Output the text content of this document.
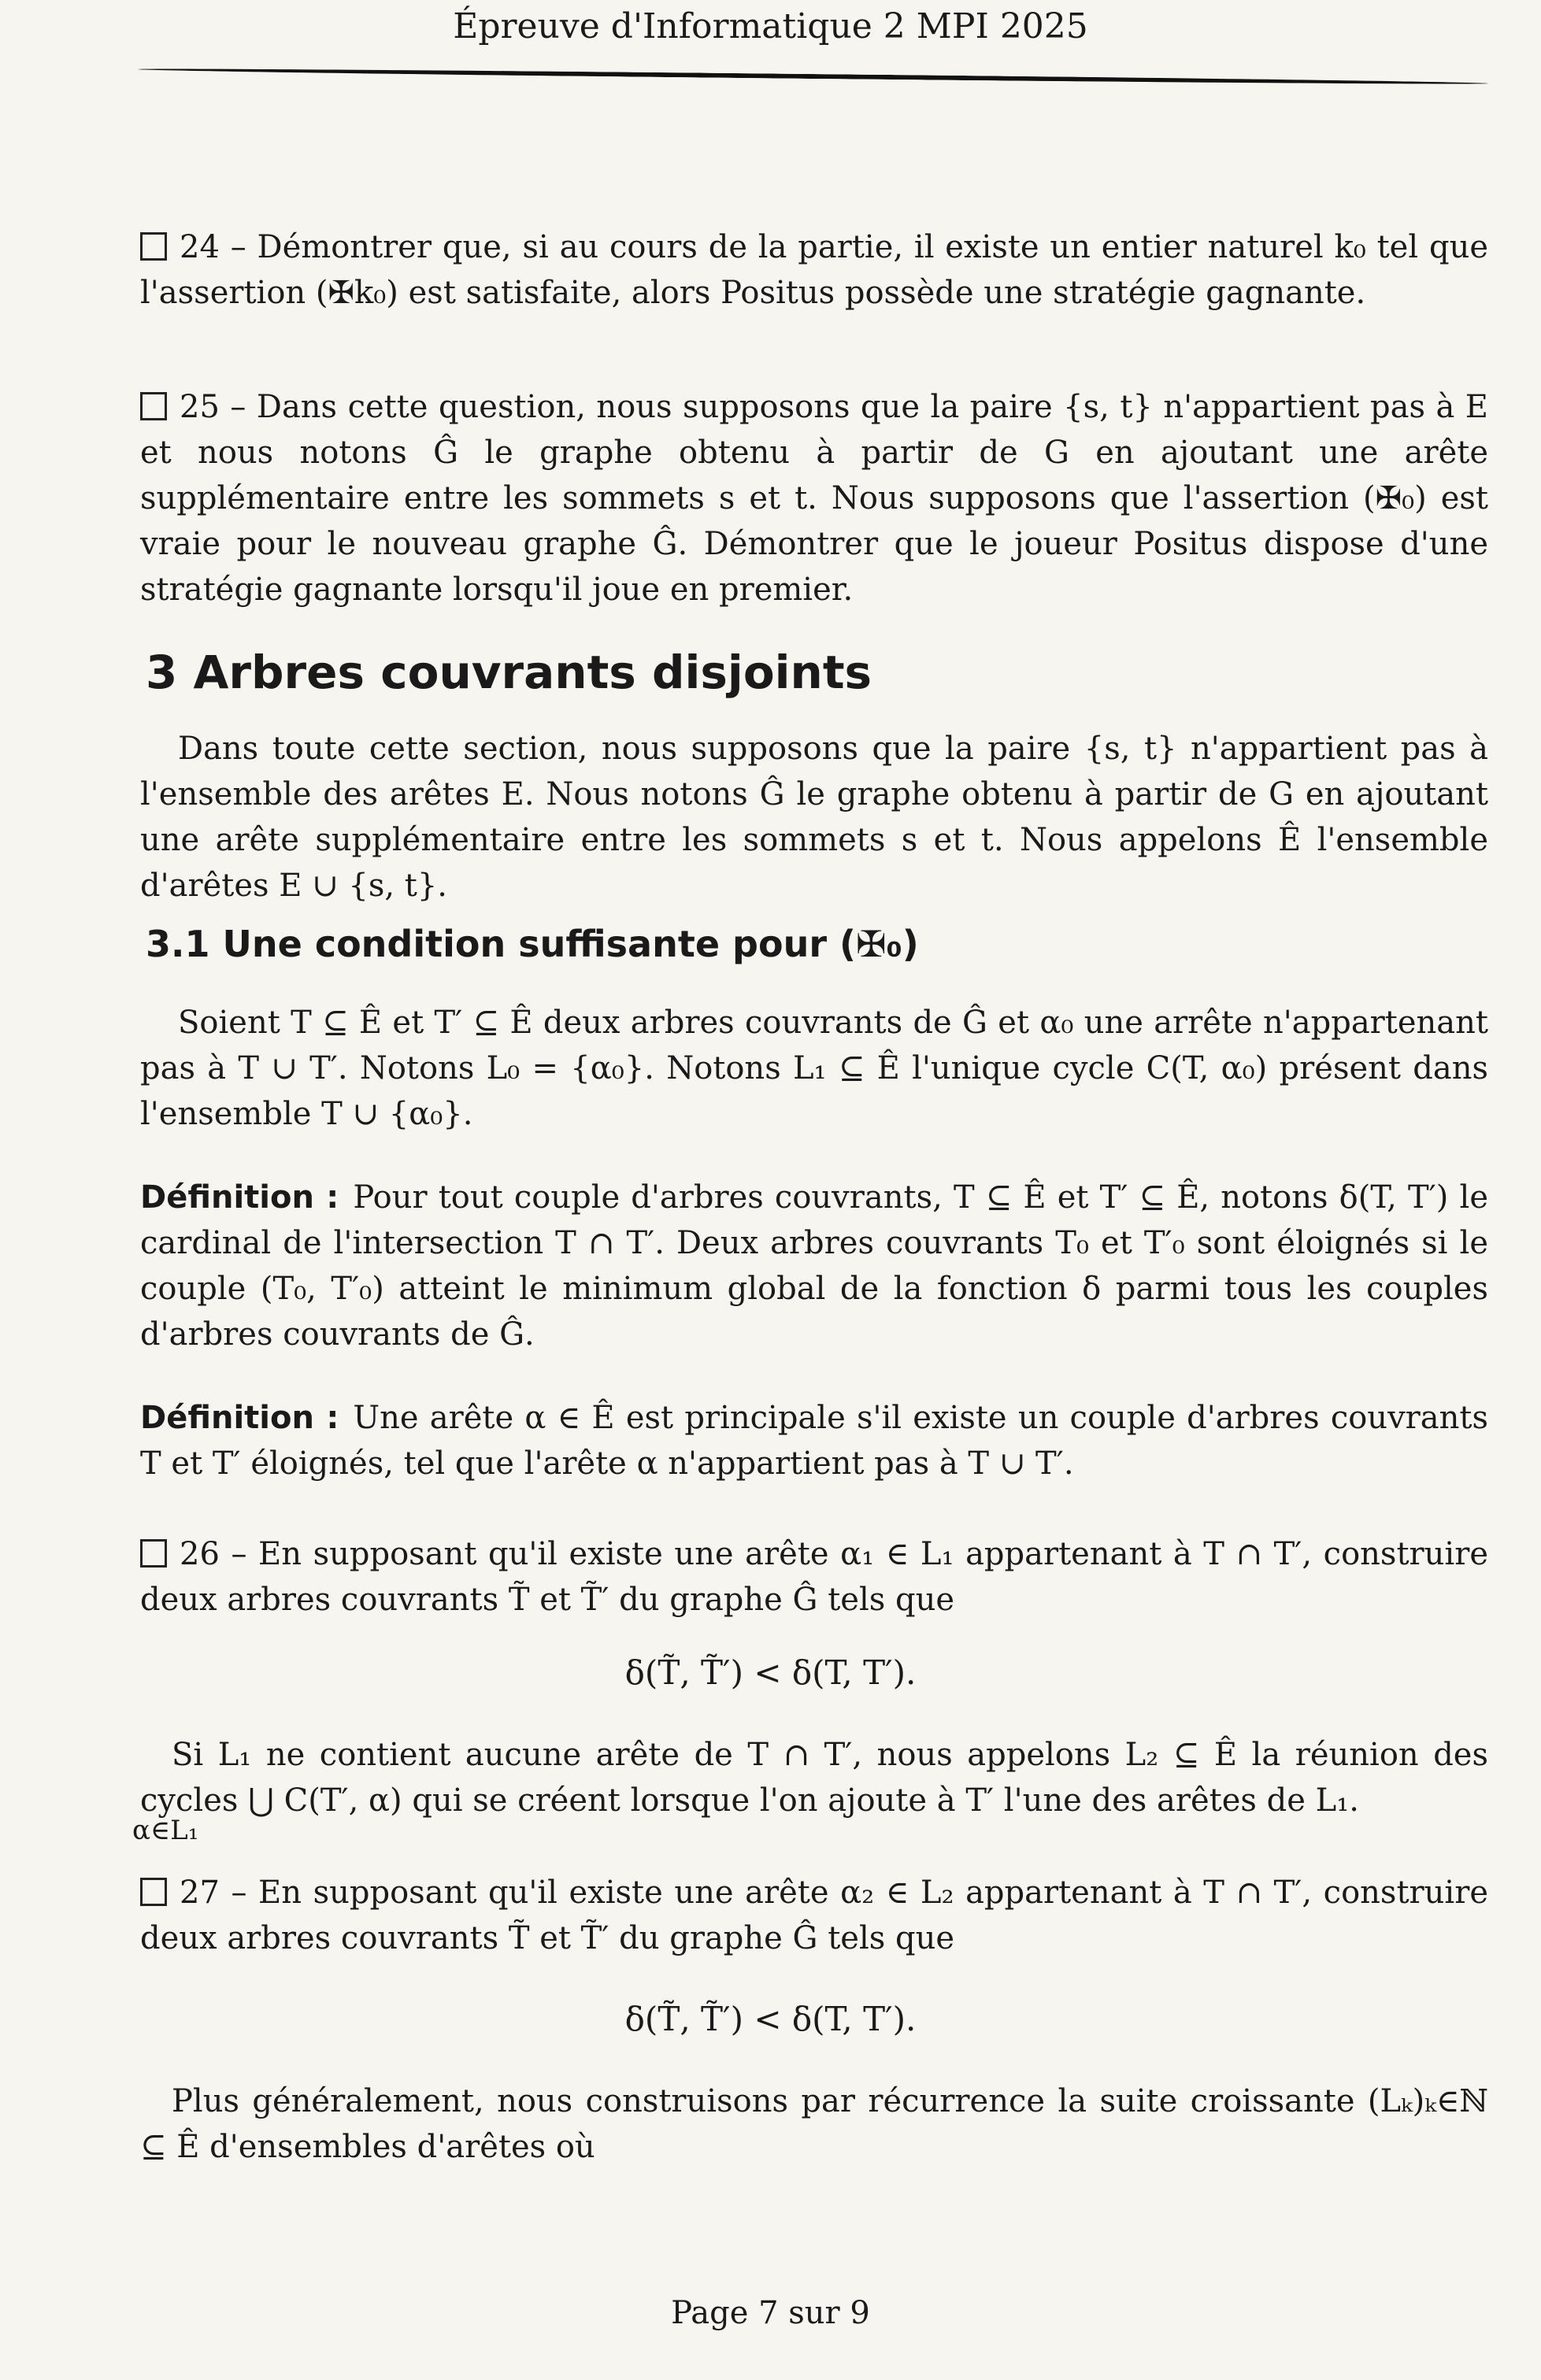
Épreuve d'Informatique 2 MPI 2025
24 – Démontrer que, si au cours de la partie, il existe un entier naturel k₀ tel que l'assertion (✠k₀) est satisfaite, alors Positus possède une stratégie gagnante.
25 – Dans cette question, nous supposons que la paire {s, t} n'appartient pas à E et nous notons Ĝ le graphe obtenu à partir de G en ajoutant une arête supplémentaire entre les sommets s et t. Nous supposons que l'assertion (✠₀) est vraie pour le nouveau graphe Ĝ. Démontrer que le joueur Positus dispose d'une stratégie gagnante lorsqu'il joue en premier.
3 Arbres couvrants disjoints
Dans toute cette section, nous supposons que la paire {s, t} n'appartient pas à l'ensemble des arêtes E. Nous notons Ĝ le graphe obtenu à partir de G en ajoutant une arête supplémentaire entre les sommets s et t. Nous appelons Ê l'ensemble d'arêtes E ∪ {s, t}.
3.1 Une condition suffisante pour (✠₀)
Soient T ⊆ Ê et T′ ⊆ Ê deux arbres couvrants de Ĝ et α₀ une arrête n'appartenant pas à T ∪ T′. Notons L₀ = {α₀}. Notons L₁ ⊆ Ê l'unique cycle C(T, α₀) présent dans l'ensemble T ∪ {α₀}.
Définition : Pour tout couple d'arbres couvrants, T ⊆ Ê et T′ ⊆ Ê, notons δ(T, T′) le cardinal de l'intersection T ∩ T′. Deux arbres couvrants T₀ et T′₀ sont éloignés si le couple (T₀, T′₀) atteint le minimum global de la fonction δ parmi tous les couples d'arbres couvrants de Ĝ.
Définition : Une arête α ∈ Ê est principale s'il existe un couple d'arbres couvrants T et T′ éloignés, tel que l'arête α n'appartient pas à T ∪ T′.
26 – En supposant qu'il existe une arête α₁ ∈ L₁ appartenant à T ∩ T′, construire deux arbres couvrants T̃ et T̃′ du graphe Ĝ tels que
δ(T̃, T̃′) < δ(T, T′).
Si L₁ ne contient aucune arête de T ∩ T′, nous appelons L₂ ⊆ Ê la réunion des cycles ⋃ C(T′, α) qui se créent lorsque l'on ajoute à T′ l'une des arêtes de L₁.
α∈L₁
27 – En supposant qu'il existe une arête α₂ ∈ L₂ appartenant à T ∩ T′, construire deux arbres couvrants T̃ et T̃′ du graphe Ĝ tels que
δ(T̃, T̃′) < δ(T, T′).
Plus généralement, nous construisons par récurrence la suite croissante (Lₖ)ₖ∈ℕ ⊆ Ê d'ensembles d'arêtes où
Page 7 sur 9
